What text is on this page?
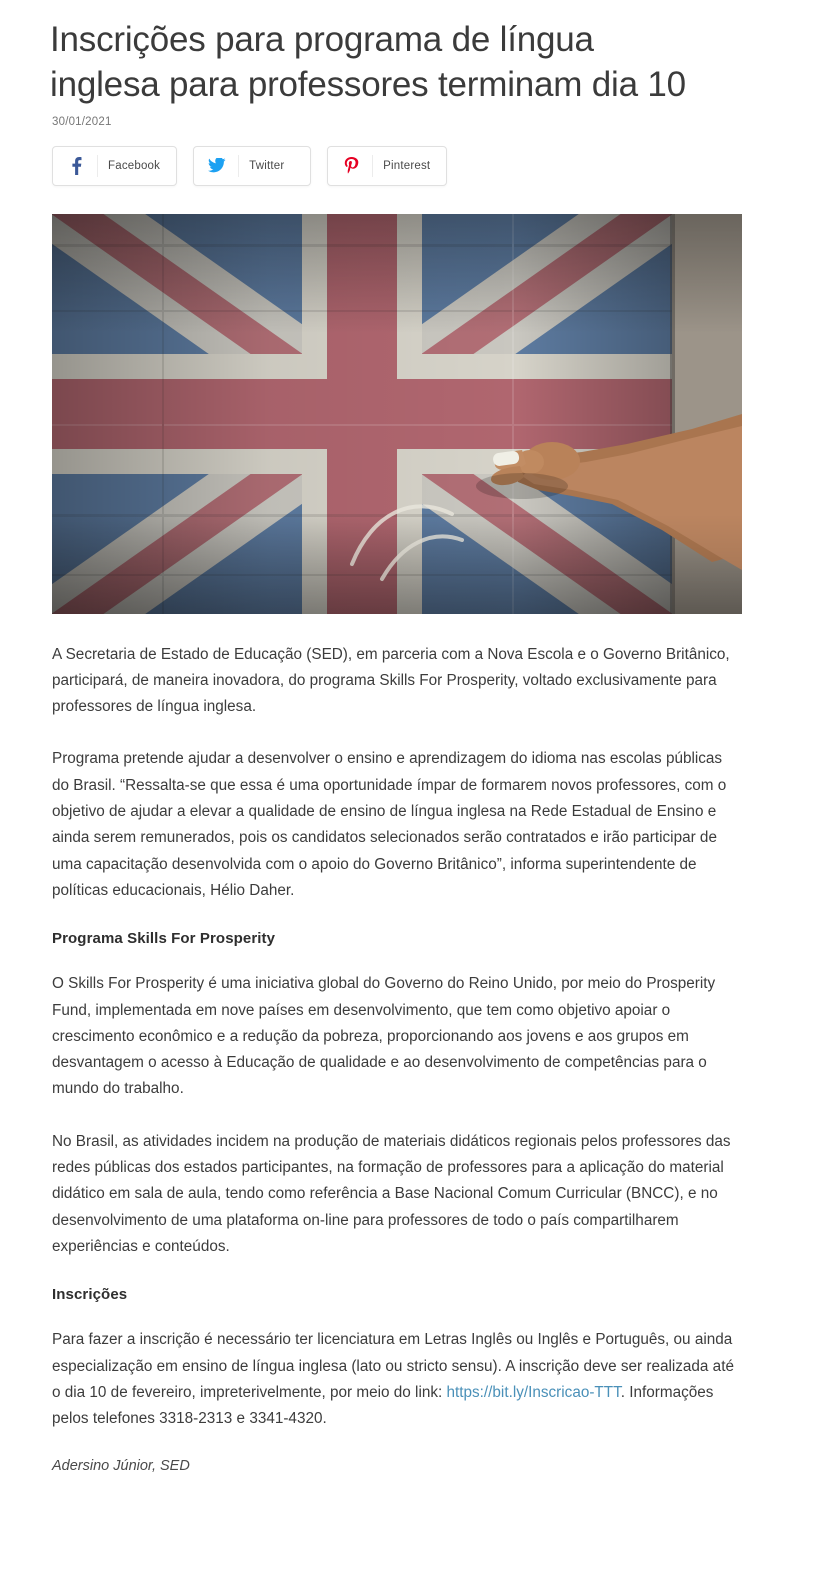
Inscrições para programa de língua inglesa para professores terminam dia 10
30/01/2021
Facebook	Twitter	Pinterest

A Secretaria de Estado de Educação (SED), em parceria com a Nova Escola e o Governo Britânico, participará, de maneira inovadora, do programa Skills For Prosperity, voltado exclusivamente para professores de língua inglesa.

Programa pretende ajudar a desenvolver o ensino e aprendizagem do idioma nas escolas públicas do Brasil. “Ressalta-se que essa é uma oportunidade ímpar de formarem novos professores, com o objetivo de ajudar a elevar a qualidade de ensino de língua inglesa na Rede Estadual de Ensino e ainda serem remunerados, pois os candidatos selecionados serão contratados e irão participar de uma capacitação desenvolvida com o apoio do Governo Britânico”, informa superintendente de políticas educacionais, Hélio Daher.

Programa Skills For Prosperity

O Skills For Prosperity é uma iniciativa global do Governo do Reino Unido, por meio do Prosperity Fund, implementada em nove países em desenvolvimento, que tem como objetivo apoiar o crescimento econômico e a redução da pobreza, proporcionando aos jovens e aos grupos em desvantagem o acesso à Educação de qualidade e ao desenvolvimento de competências para o mundo do trabalho.

No Brasil, as atividades incidem na produção de materiais didáticos regionais pelos professores das redes públicas dos estados participantes, na formação de professores para a aplicação do material didático em sala de aula, tendo como referência a Base Nacional Comum Curricular (BNCC), e no desenvolvimento de uma plataforma on-line para professores de todo o país compartilharem experiências e conteúdos.

Inscrições

Para fazer a inscrição é necessário ter licenciatura em Letras Inglês ou Inglês e Português, ou ainda especialização em ensino de língua inglesa (lato ou stricto sensu). A inscrição deve ser realizada até o dia 10 de fevereiro, impreterivelmente, por meio do link: https://bit.ly/Inscricao-TTT. Informações pelos telefones 3318-2313 e 3341-4320.

Adersino Júnior, SED
